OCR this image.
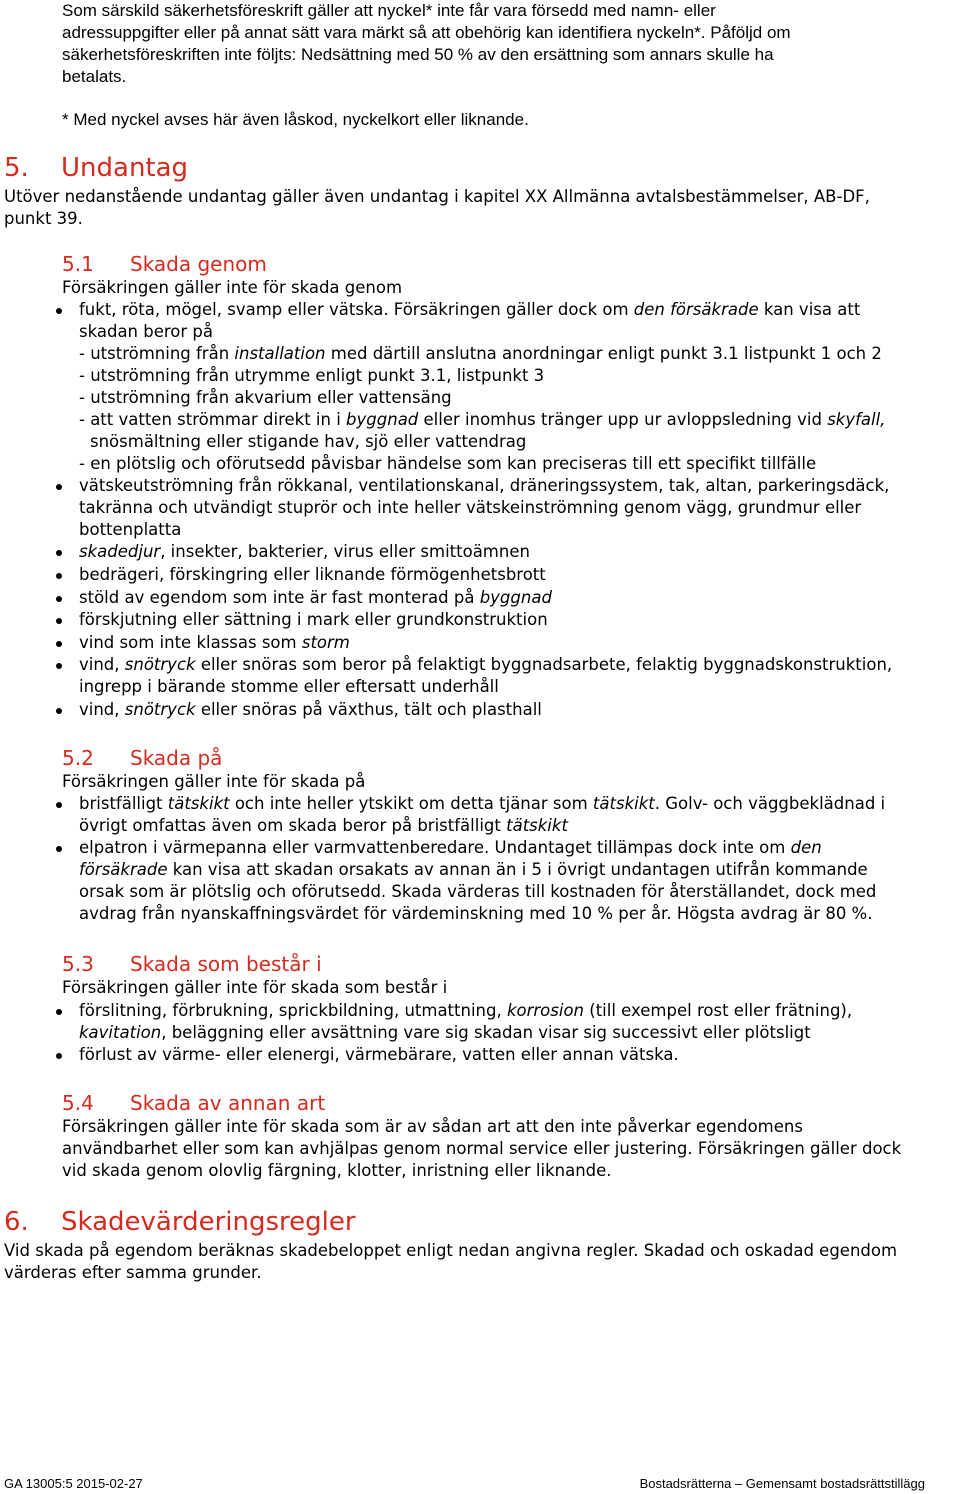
Som särskild säkerhetsföreskrift gäller att nyckel* inte får vara försedd med namn- eller
adressuppgifter eller på annat sätt vara märkt så att obehörig kan identifiera nyckeln*. Påföljd om
säkerhetsföreskriften inte följts: Nedsättning med 50 % av den ersättning som annars skulle ha
betalats.
* Med nyckel avses här även låskod, nyckelkort eller liknande.
5. Undantag
Utöver nedanstående undantag gäller även undantag i kapitel XX Allmänna avtalsbestämmelser, AB-DF,
punkt 39.
5.1 Skada genom
Försäkringen gäller inte för skada genom
fukt, röta, mögel, svamp eller vätska. Försäkringen gäller dock om den försäkrade kan visa att
skadan beror på
- utströmning från installation med därtill anslutna anordningar enligt punkt 3.1 listpunkt 1 och 2
- utströmning från utrymme enligt punkt 3.1, listpunkt 3
- utströmning från akvarium eller vattensäng
- att vatten strömmar direkt in i byggnad eller inomhus tränger upp ur avloppsledning vid skyfall,
snösmältning eller stigande hav, sjö eller vattendrag
- en plötslig och oförutsedd påvisbar händelse som kan preciseras till ett specifikt tillfälle
vätskeutströmning från rökkanal, ventilationskanal, dräneringssystem, tak, altan, parkeringsdäck,
takränna och utvändigt stuprör och inte heller vätskeinströmning genom vägg, grundmur eller
bottenplatta
skadedjur, insekter, bakterier, virus eller smittoämnen
bedrägeri, förskingring eller liknande förmögenhetsbrott
stöld av egendom som inte är fast monterad på byggnad
förskjutning eller sättning i mark eller grundkonstruktion
vind som inte klassas som storm
vind, snötryck eller snöras som beror på felaktigt byggnadsarbete, felaktig byggnadskonstruktion,
ingrepp i bärande stomme eller eftersatt underhåll
vind, snötryck eller snöras på växthus, tält och plasthall
5.2 Skada på
Försäkringen gäller inte för skada på
bristfälligt tätskikt och inte heller ytskikt om detta tjänar som tätskikt. Golv- och väggbeklädnad i
övrigt omfattas även om skada beror på bristfälligt tätskikt
elpatron i värmepanna eller varmvattenberedare. Undantaget tillämpas dock inte om den
försäkrade kan visa att skadan orsakats av annan än i 5 i övrigt undantagen utifrån kommande
orsak som är plötslig och oförutsedd. Skada värderas till kostnaden för återställandet, dock med
avdrag från nyanskaffningsvärdet för värdeminskning med 10 % per år. Högsta avdrag är 80 %.
5.3 Skada som består i
Försäkringen gäller inte för skada som består i
förslitning, förbrukning, sprickbildning, utmattning, korrosion (till exempel rost eller frätning),
kavitation, beläggning eller avsättning vare sig skadan visar sig successivt eller plötsligt
förlust av värme- eller elenergi, värmebärare, vatten eller annan vätska.
5.4 Skada av annan art
Försäkringen gäller inte för skada som är av sådan art att den inte påverkar egendomens
användbarhet eller som kan avhjälpas genom normal service eller justering. Försäkringen gäller dock
vid skada genom olovlig färgning, klotter, inristning eller liknande.
6. Skadevärderingsregler
Vid skada på egendom beräknas skadebeloppet enligt nedan angivna regler. Skadad och oskadad egendom
värderas efter samma grunder.
GA 13005:5 2015-02-27	Bostadsrätterna – Gemensamt bostadsrättstillägg
